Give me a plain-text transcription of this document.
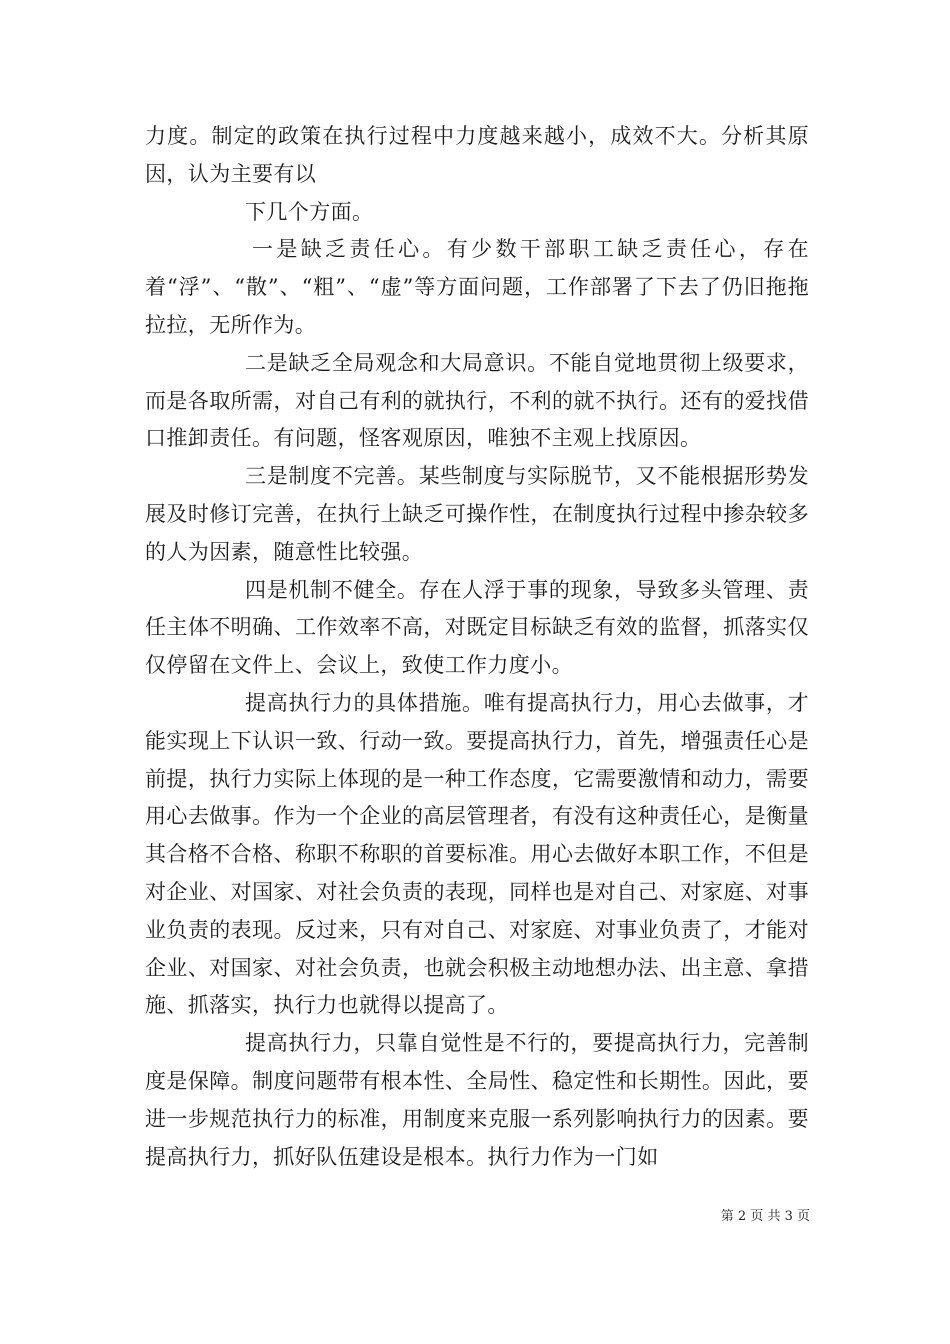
力度。制定的政策在执行过程中力度越来越小，成效不大。分析其原因，认为主要有以

下几个方面。

一是缺乏责任心。有少数干部职工缺乏责任心，存在着“浮”、“散”、“粗”、“虚”等方面问题，工作部署了下去了仍旧拖拖拉拉，无所作为。

二是缺乏全局观念和大局意识。不能自觉地贯彻上级要求，而是各取所需，对自己有利的就执行，不利的就不执行。还有的爱找借口推卸责任。有问题，怪客观原因，唯独不主观上找原因。

三是制度不完善。某些制度与实际脱节，又不能根据形势发展及时修订完善，在执行上缺乏可操作性，在制度执行过程中掺杂较多的人为因素，随意性比较强。

四是机制不健全。存在人浮于事的现象，导致多头管理、责任主体不明确、工作效率不高，对既定目标缺乏有效的监督，抓落实仅仅停留在文件上、会议上，致使工作力度小。

提高执行力的具体措施。唯有提高执行力，用心去做事，才能实现上下认识一致、行动一致。要提高执行力，首先，增强责任心是前提，执行力实际上体现的是一种工作态度，它需要激情和动力，需要用心去做事。作为一个企业的高层管理者，有没有这种责任心，是衡量其合格不合格、称职不称职的首要标准。用心去做好本职工作，不但是对企业、对国家、对社会负责的表现，同样也是对自己、对家庭、对事业负责的表现。反过来，只有对自己、对家庭、对事业负责了，才能对企业、对国家、对社会负责，也就会积极主动地想办法、出主意、拿措施、抓落实，执行力也就得以提高了。

提高执行力，只靠自觉性是不行的，要提高执行力，完善制度是保障。制度问题带有根本性、全局性、稳定性和长期性。因此，要进一步规范执行力的标准，用制度来克服一系列影响执行力的因素。要提高执行力，抓好队伍建设是根本。执行力作为一门如

第 2 页 共 3 页
